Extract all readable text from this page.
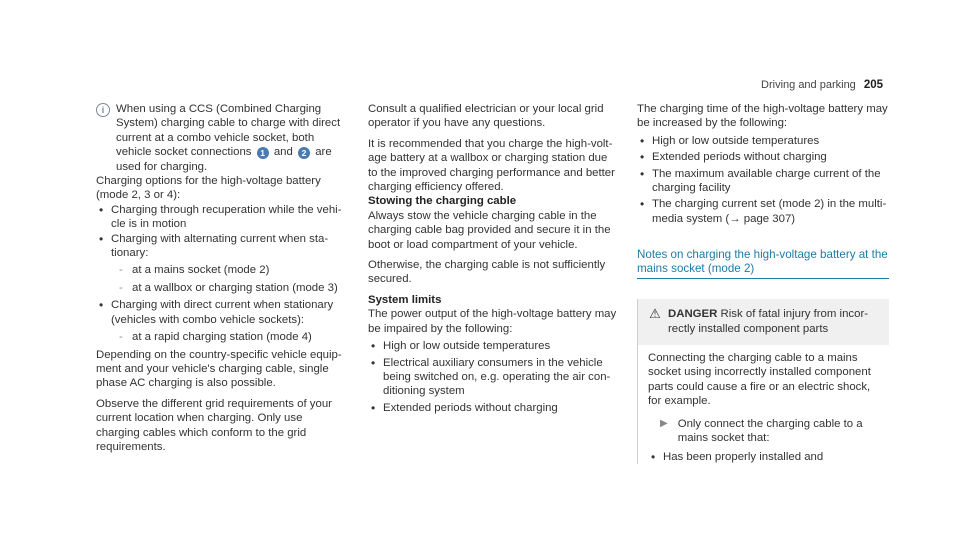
Driving and parking 205
i	When using a CCS (Combined Charging System) charging cable to charge with direct current at a combo vehicle socket, both vehicle socket connections 1 and 2 are used for charging.

Charging options for the high-voltage battery (mode 2, 3 or 4):

• Charging through recuperation while the vehicle is in motion
• Charging with alternating current when stationary:
- at a mains socket (mode 2)
- at a wallbox or charging station (mode 3)
• Charging with direct current when stationary (vehicles with combo vehicle sockets):
- at a rapid charging station (mode 4)

Depending on the country-specific vehicle equipment and your vehicle's charging cable, single phase AC charging is also possible.

Observe the different grid requirements of your current location when charging. Only use charging cables which conform to the grid requirements.

Consult a qualified electrician or your local grid operator if you have any questions.

It is recommended that you charge the high-voltage battery at a wallbox or charging station due to the improved charging performance and better charging efficiency offered.

Stowing the charging cable

Always stow the vehicle charging cable in the charging cable bag provided and secure it in the boot or load compartment of your vehicle.

Otherwise, the charging cable is not sufficiently secured.

System limits

The power output of the high-voltage battery may be impaired by the following:

• High or low outside temperatures
• Electrical auxiliary consumers in the vehicle being switched on, e.g. operating the air conditioning system
• Extended periods without charging

The charging time of the high-voltage battery may be increased by the following:

• High or low outside temperatures
• Extended periods without charging
• The maximum available charge current of the charging facility
• The charging current set (mode 2) in the multimedia system (→ page 307)
Notes on charging the high-voltage battery at the mains socket (mode 2)
⚠ DANGER Risk of fatal injury from incorrectly installed component parts

Connecting the charging cable to a mains socket using incorrectly installed component parts could cause a fire or an electric shock, for example.

▶ Only connect the charging cable to a mains socket that:

• Has been properly installed and
